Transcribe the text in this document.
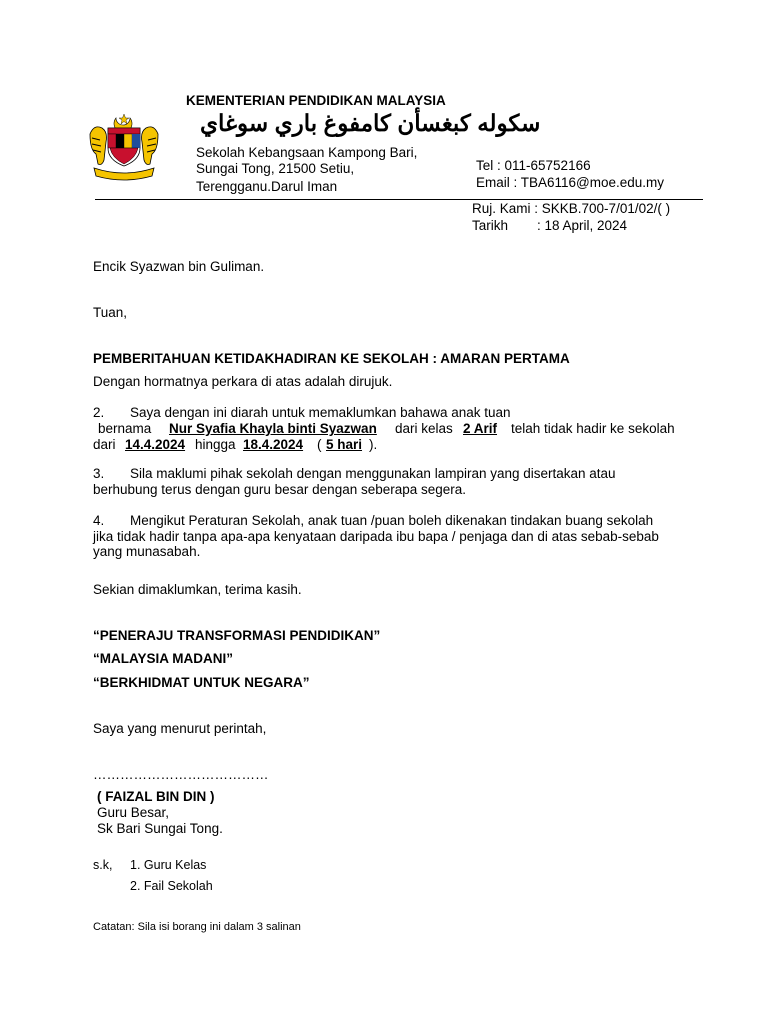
KEMENTERIAN PENDIDIKAN MALAYSIA
سكوله كبغسأن كامفوغ باري سوغاي
Sekolah Kebangsaan Kampong Bari,
Sungai Tong, 21500 Setiu,
Terengganu.Darul Iman
Tel : 011-65752166
Email : TBA6116@moe.edu.my
Ruj. Kami : SKKB.700-7/01/02/( )
Tarikh : 18 April, 2024
Encik Syazwan bin Guliman.
Tuan,
PEMBERITAHUAN KETIDAKHADIRAN KE SEKOLAH : AMARAN PERTAMA
Dengan hormatnya perkara di atas adalah dirujuk.
2. Saya dengan ini diarah untuk memaklumkan bahawa anak tuan
bernama Nur Syafia Khayla binti Syazwan dari kelas 2 Arif telah tidak hadir ke sekolah
dari 14.4.2024 hingga 18.4.2024 ( 5 hari ).
3. Sila maklumi pihak sekolah dengan menggunakan lampiran yang disertakan atau
berhubung terus dengan guru besar dengan seberapa segera.
4. Mengikut Peraturan Sekolah, anak tuan /puan boleh dikenakan tindakan buang sekolah
jika tidak hadir tanpa apa-apa kenyataan daripada ibu bapa / penjaga dan di atas sebab-sebab
yang munasabah.
Sekian dimaklumkan, terima kasih.
“PENERAJU TRANSFORMASI PENDIDIKAN”
“MALAYSIA MADANI”
“BERKHIDMAT UNTUK NEGARA”
Saya yang menurut perintah,
…………………………………
( FAIZAL BIN DIN )
Guru Besar,
Sk Bari Sungai Tong.
s.k, 1. Guru Kelas
2. Fail Sekolah
Catatan: Sila isi borang ini dalam 3 salinan
